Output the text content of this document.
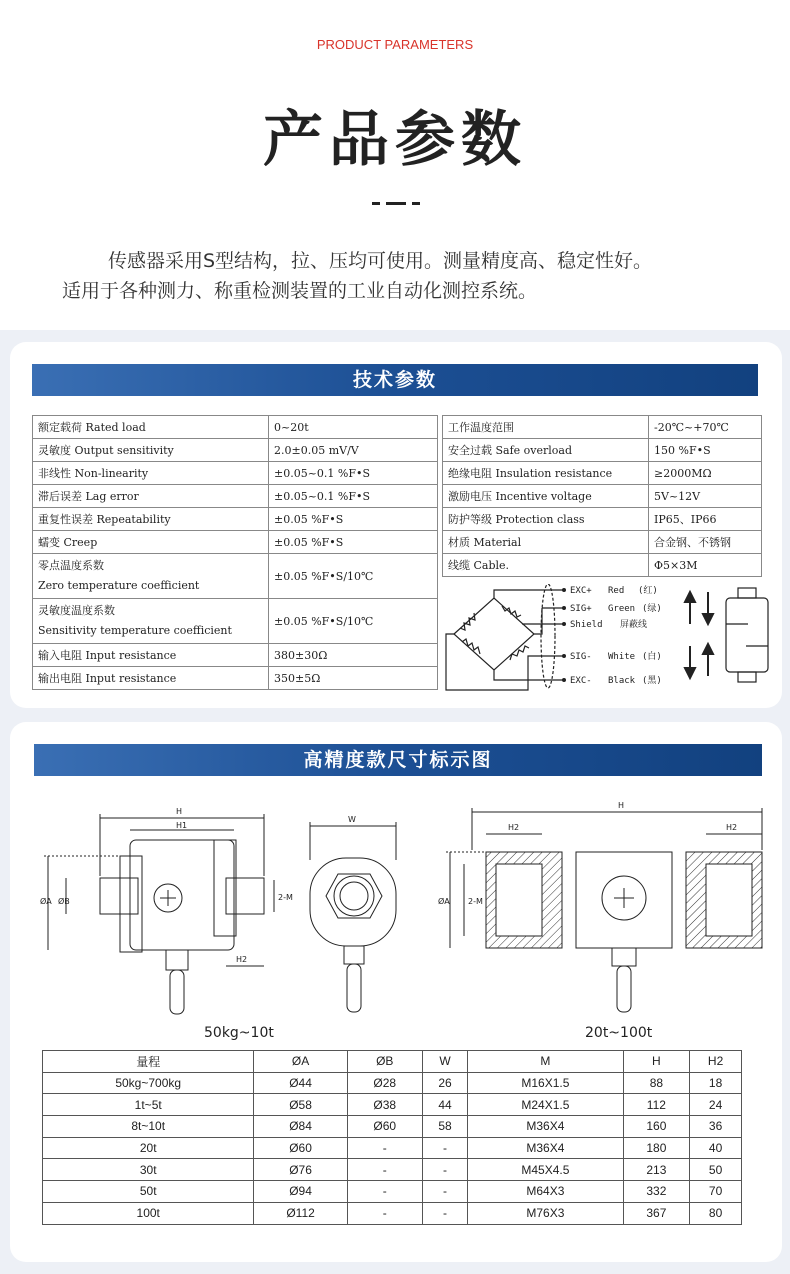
PRODUCT PARAMETERS
产品参数

传感器采用S型结构，拉、压均可使用。测量精度高、稳定性好。

适用于各种测力、称重检测装置的工业自动化测控系统。

技术参数
额定载荷 Rated load	0~20t
灵敏度 Output sensitivity	2.0±0.05 mV/V
非线性 Non-linearity	±0.05~0.1 %F•S
滞后误差 Lag error	±0.05~0.1 %F•S
重复性误差 Repeatability	±0.05 %F•S
蠕变 Creep	±0.05 %F•S

零点温度系数
Zero temperature coefficient	±0.05 %F•S/10℃

灵敏度温度系数
Sensitivity temperature coefficient	±0.05 %F•S/10℃
输入电阻 Input resistance	380±30Ω
输出电阻 Input resistance	350±5Ω
工作温度范围	-20℃~+70℃
安全过载 Safe overload	150 %F•S
绝缘电阻 Insulation resistance	≥2000MΩ
激励电压 Incentive voltage	5V~12V
防护等级 Protection class	IP65、IP66
材质 Material	合金钢、不锈钢
线缆 Cable.	Φ5×3M
EXC+ Red (红)
SIG+ Green (绿)
Shield 屏蔽线
SIG- White (白)
EXC- Black (黑)
高精度款尺寸标示图
H
H1
H2
ØA ØB	2-M
W
H
H2	H2
ØA 2-M
50kg~10t	20t~100t
量程	ØA	ØB	W	M	H	H2
50kg~700kg	Ø44	Ø28	26	M16X1.5	88	18
1t~5t	Ø58	Ø38	44	M24X1.5	112	24
8t~10t	Ø84	Ø60	58	M36X4	160	36
20t	Ø60	-	-	M36X4	180	40
30t	Ø76	-	-	M45X4.5	213	50
50t	Ø94	-	-	M64X3	332	70
100t	Ø112	-	-	M76X3	367	80
